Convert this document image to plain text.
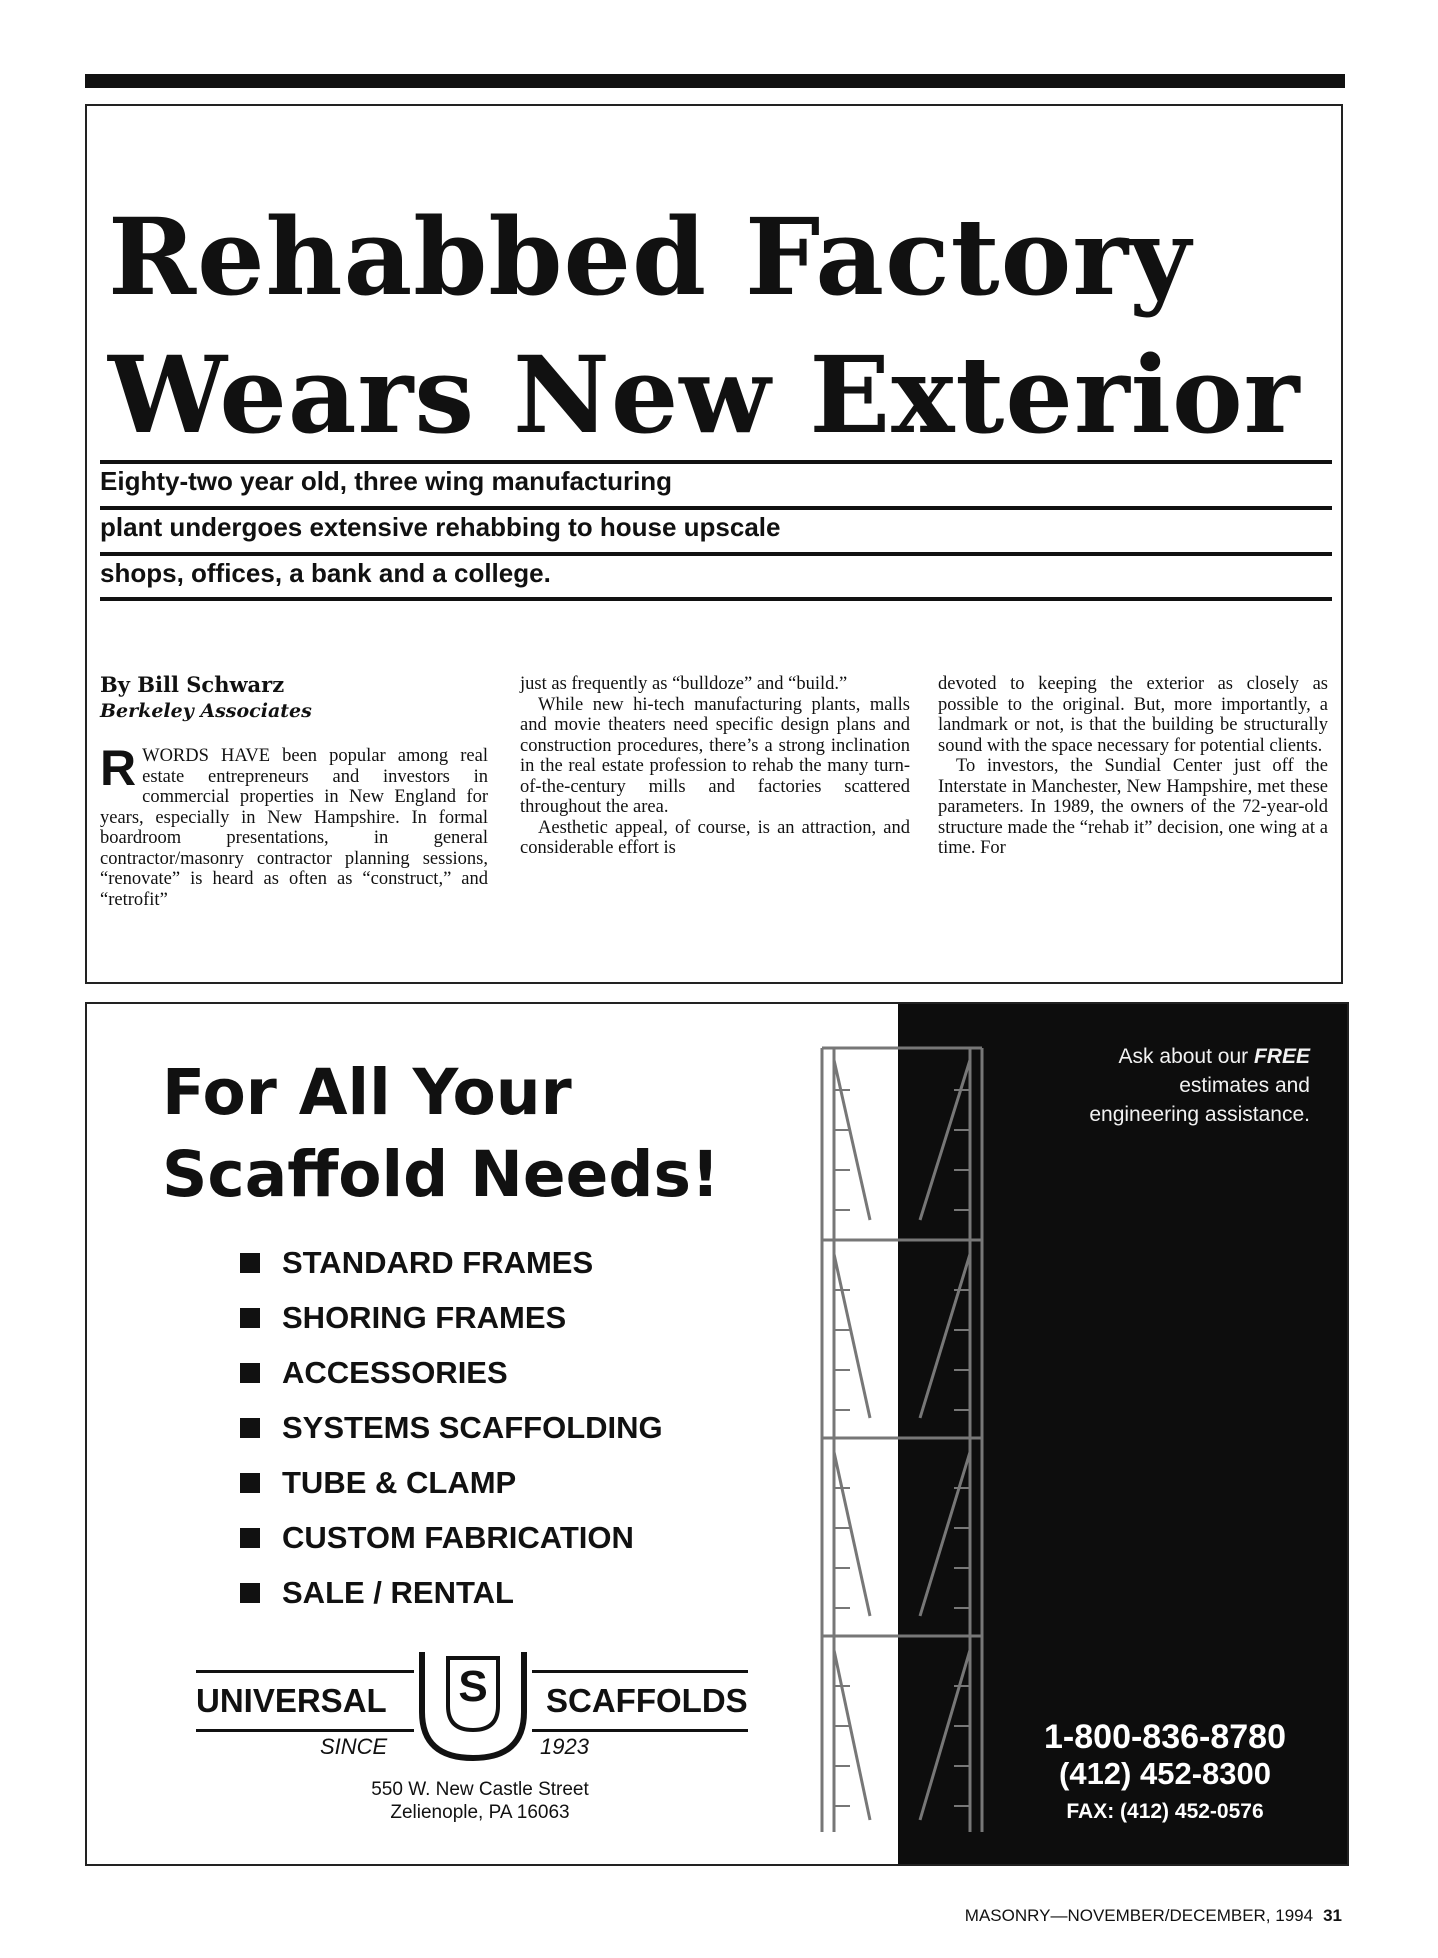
Rehabbed Factory
Wears New Exterior
Eighty-two year old, three wing manufacturing
plant undergoes extensive rehabbing to house upscale
shops, offices, a bank and a college.
By Bill Schwarz
Berkeley Associates

RWORDS HAVE been popular among real estate entrepreneurs and investors in commercial properties in New England for years, especially in New Hampshire. In formal boardroom presentations, in general contractor/masonry contractor planning sessions, “renovate” is heard as often as “construct,” and “retrofit”

just as frequently as “bulldoze” and “build.”

While new hi-tech manufacturing plants, malls and movie theaters need specific design plans and construction procedures, there’s a strong inclination in the real estate profession to rehab the many turn-of-the-century mills and factories scattered throughout the area.

Aesthetic appeal, of course, is an attraction, and considerable effort is

devoted to keeping the exterior as closely as possible to the original. But, more importantly, a landmark or not, is that the building be structurally sound with the space necessary for potential clients.

To investors, the Sundial Center just off the Interstate in Manchester, New Hampshire, met these parameters. In 1989, the owners of the 72-year-old structure made the “rehab it” decision, one wing at a time. For

For All Your
Scaffold Needs!
STANDARD FRAMES
SHORING FRAMES
ACCESSORIES
SYSTEMS SCAFFOLDING
TUBE & CLAMP
CUSTOM FABRICATION
SALE / RENTAL
S
UNIVERSAL	SCAFFOLDS
SINCE	1923
550 W. New Castle Street
Zelienople, PA 16063
Ask about our FREE
estimates and
engineering assistance.
1-800-836-8780
(412) 452-8300
FAX: (412) 452-0576
MASONRY—NOVEMBER/DECEMBER, 1994 31
